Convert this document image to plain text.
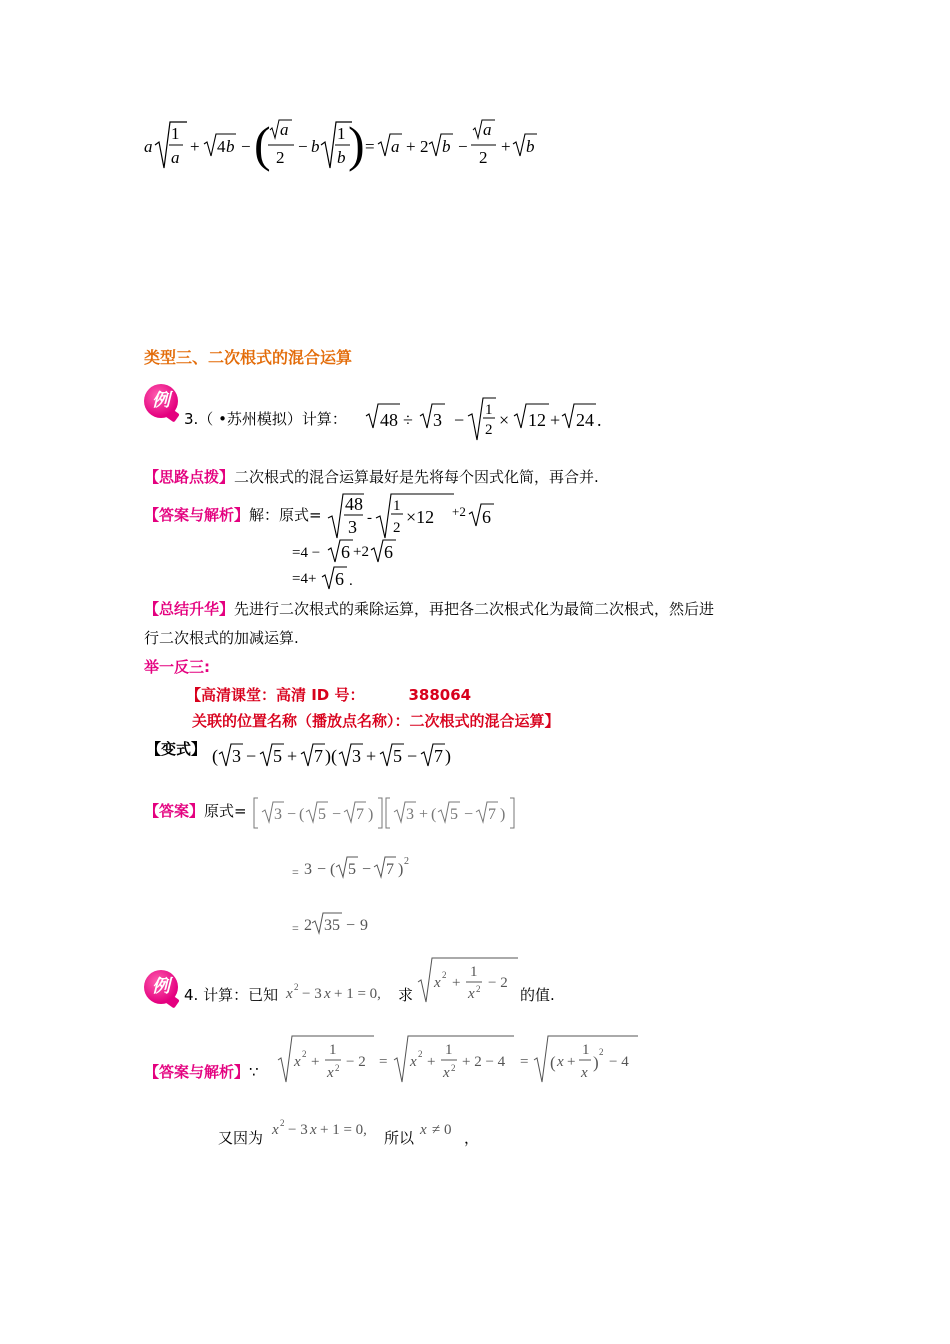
a
1
a
+ 4 b − ( a
2
− b
1
b ) = a + 2 b −
a
2
+ b
类型三、二次根式的混合运算
例
3.（ •苏州模拟）计算： 48 ÷ 3 − 1
2 × 12 + 24 .
【思路点拨】二次根式的混合运算最好是先将每个因式化简，再合并.
【答案与解析】解：原式=
48
3 -
1
2
×12 +2 6
=4 − 6 +2 6
=4+ 6 .
【总结升华】先进行二次根式的乘除运算，再把各二次根式化为最简二次根式，然后进
行二次根式的加减运算.
举一反三:
【高清课堂：高清 ID 号：	388064
关联的位置名称（播放点名称）：二次根式的混合运算】
【变式】 ( 3 − 5 + 7 )( 3 + 5 − 7 )
【答案】原式= 3 − ( 5 − 7 ) 3 + ( 5 − 7 )
= 3 − ( 5 − 7 ) 2
= 2 35 − 9
例 4. 计算：已知 x 2 − 3 x + 1 = 0, 求
x 2 +
1
x 2 − 2
的值.
【答案与解析】∵
x 2 +
1
x 2 − 2 = x 2 +
1
x 2 + 2 − 4 = ( x +
1
x
)
2
− 4
又因为 x 2 − 3 x + 1 = 0, 所以 x ≠ 0 ，
